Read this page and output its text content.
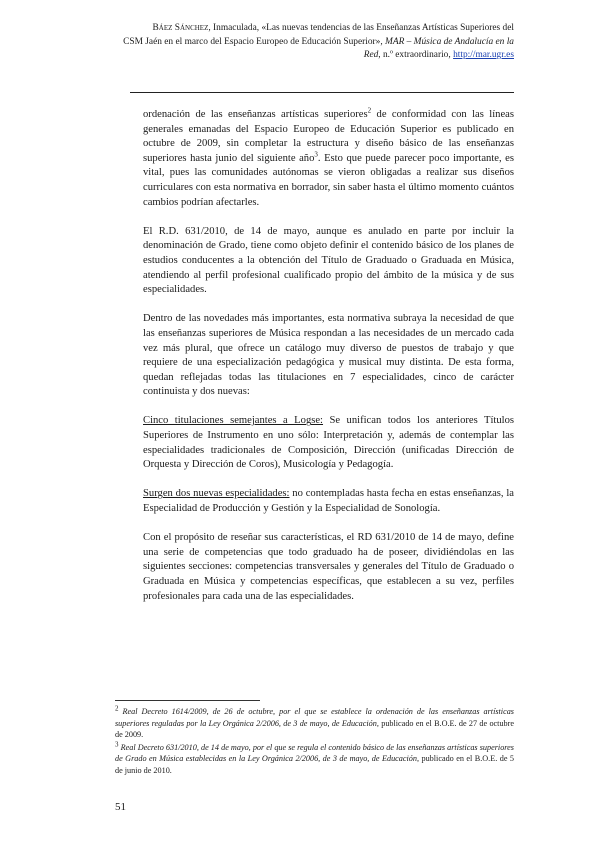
Báez Sánchez, Inmaculada, «Las nuevas tendencias de las Enseñanzas Artísticas Superiores del
CSM Jaén en el marco del Espacio Europeo de Educación Superior», MAR – Música de Andalucía en la Red, n.º extraordinario, http://mar.ugr.es

ordenación de las enseñanzas artísticas superiores$^2$ de conformidad con las líneas generales emanadas del Espacio Europeo de Educación Superior es publicado en octubre de 2009, sin completar la estructura y diseño básico de las enseñanzas superiores hasta junio del siguiente año$^3$. Esto que puede parecer poco importante, es vital, pues las comunidades autónomas se vieron obligadas a realizar sus diseños curriculares con esta normativa en borrador, sin saber hasta el último momento cuántos cambios podrían afectarles.

El R.D. 631/2010, de 14 de mayo, aunque es anulado en parte por incluir la denominación de Grado, tiene como objeto definir el contenido básico de los planes de estudios conducentes a la obtención del Título de Graduado o Graduada en Música, atendiendo al perfil profesional cualificado propio del ámbito de la música y de sus especialidades.

Dentro de las novedades más importantes, esta normativa subraya la necesidad de que las enseñanzas superiores de Música respondan a las necesidades de un mercado cada vez más plural, que ofrece un catálogo muy diverso de puestos de trabajo y que requiere de una especialización pedagógica y musical muy distinta. De esta forma, quedan reflejadas todas las titulaciones en 7 especialidades, cinco de carácter continuista y dos nuevas:

Cinco titulaciones semejantes a Logse: Se unifican todos los anteriores Títulos Superiores de Instrumento en uno sólo: Interpretación y, además de contemplar las especialidades tradicionales de Composición, Dirección (unificadas Dirección de Orquesta y Dirección de Coros), Musicología y Pedagogía.

Surgen dos nuevas especialidades: no contempladas hasta fecha en estas enseñanzas, la Especialidad de Producción y Gestión y la Especialidad de Sonología.

Con el propósito de reseñar sus características, el RD 631/2010 de 14 de mayo, define una serie de competencias que todo graduado ha de poseer, dividiéndolas en las siguientes secciones: competencias transversales y generales del Título de Graduado o Graduada en Música y competencias específicas, que establecen a su vez, perfiles profesionales para cada una de las especialidades.

$^2$ Real Decreto 1614/2009, de 26 de octubre, por el que se establece la ordenación de las enseñanzas artísticas superiores reguladas por la Ley Orgánica 2/2006, de 3 de mayo, de Educación, publicado en el B.O.E. de 27 de octubre de 2009.

$^3$ Real Decreto 631/2010, de 14 de mayo, por el que se regula el contenido básico de las enseñanzas artísticas superiores de Grado en Música establecidas en la Ley Orgánica 2/2006, de 3 de mayo, de Educación, publicado en el B.O.E. de 5 de junio de 2010.

51
